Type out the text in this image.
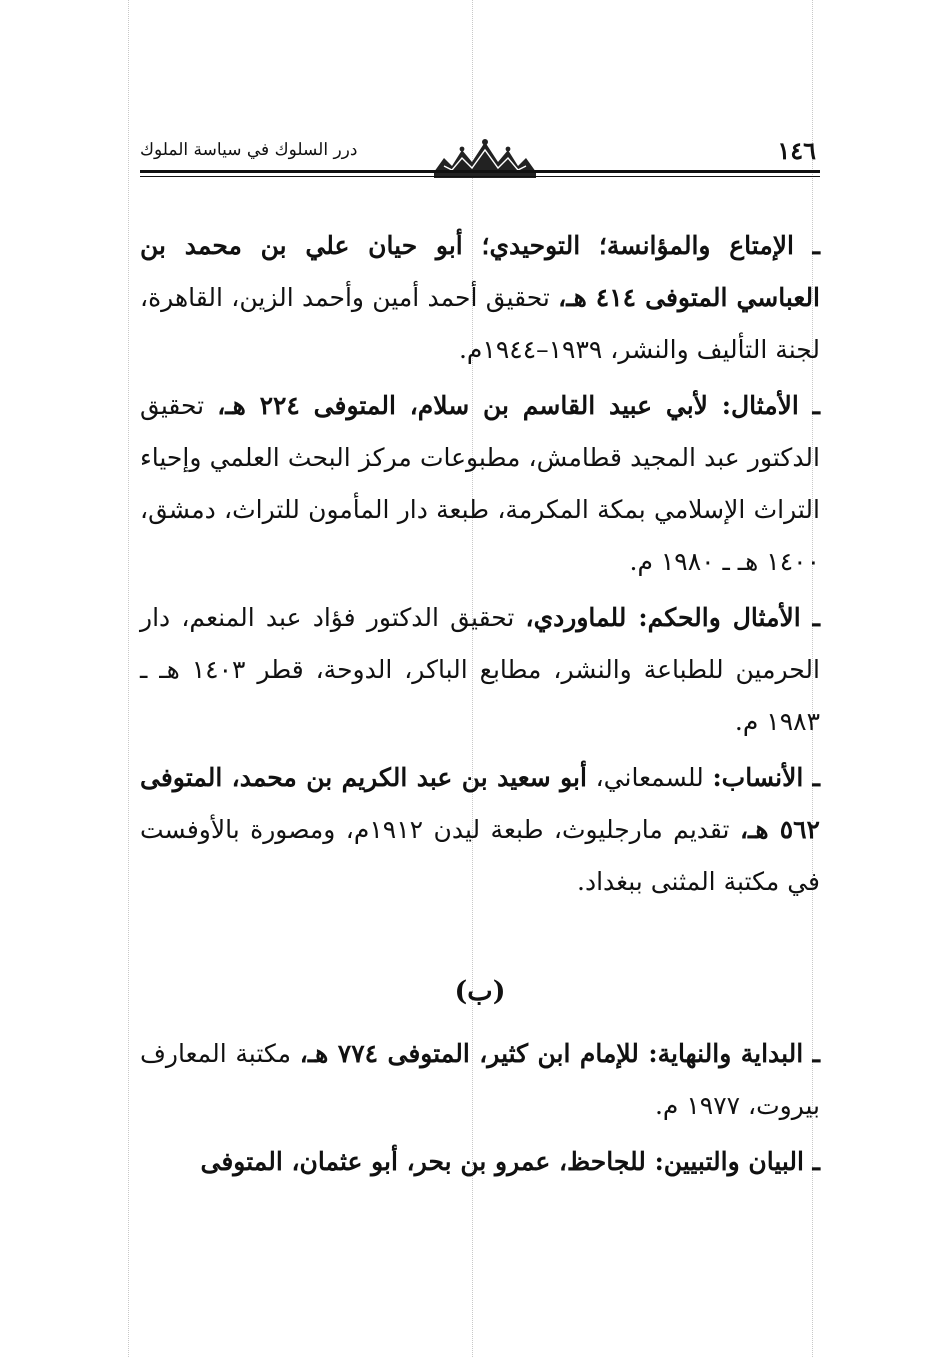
١٤٦
درر السلوك في سياسة الملوك

ـ الإمتاع والمؤانسة؛ التوحيدي؛ أبو حيان علي بن محمد بن العباسي المتوفى ٤١٤ هـ، تحقيق أحمد أمين وأحمد الزين، القاهرة، لجنة التأليف والنشر، ١٩٣٩–١٩٤٤م.

ـ الأمثال: لأبي عبيد القاسم بن سلام، المتوفى ٢٢٤ هـ، تحقيق الدكتور عبد المجيد قطامش، مطبوعات مركز البحث العلمي وإحياء التراث الإسلامي بمكة المكرمة، طبعة دار المأمون للتراث، دمشق، ١٤٠٠ هـ ـ ١٩٨٠ م.

ـ الأمثال والحكم: للماوردي، تحقيق الدكتور فؤاد عبد المنعم، دار الحرمين للطباعة والنشر، مطابع الباكر، الدوحة، قطر ١٤٠٣ هـ ـ ١٩٨٣ م.

ـ الأنساب: للسمعاني، أبو سعيد بن عبد الكريم بن محمد، المتوفى ٥٦٢ هـ، تقديم مارجليوث، طبعة ليدن ١٩١٢م، ومصورة بالأوفست في مكتبة المثنى ببغداد.

(ب)

ـ البداية والنهاية: للإمام ابن كثير، المتوفى ٧٧٤ هـ، مكتبة المعارف بيروت، ١٩٧٧ م.

ـ البيان والتبيين: للجاحظ، عمرو بن بحر، أبو عثمان، المتوفى
